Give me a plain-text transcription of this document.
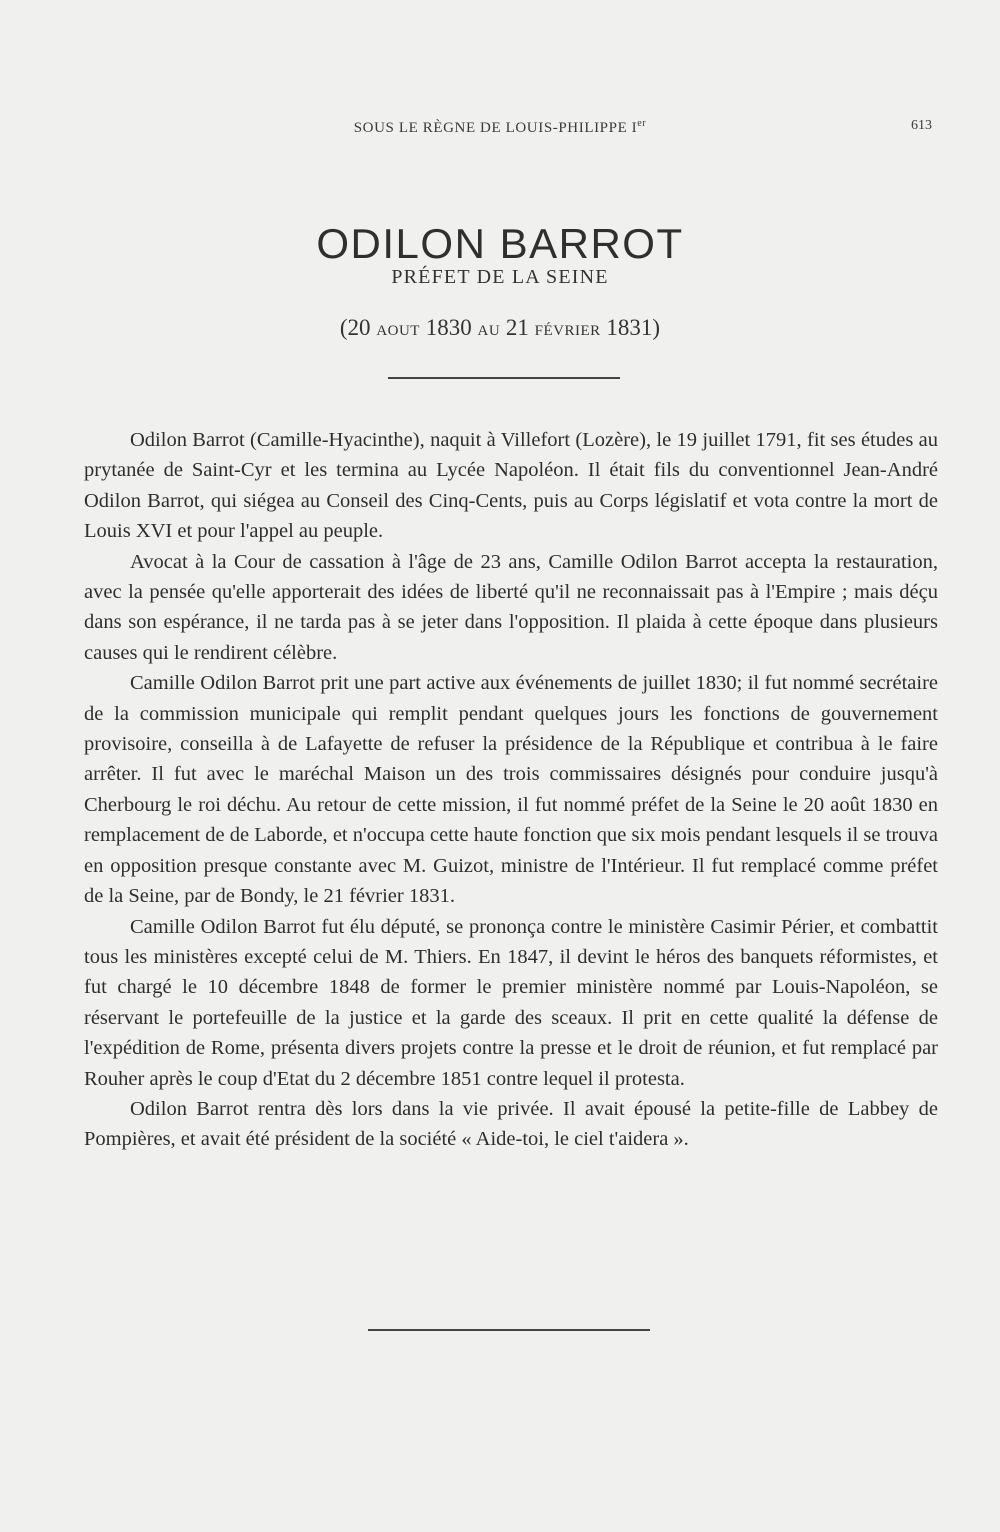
SOUS LE RÈGNE DE LOUIS-PHILIPPE Ier	613
ODILON BARROT
PRÉFET DE LA SEINE
(20 AOUT 1830 AU 21 FÉVRIER 1831)

Odilon Barrot (Camille-Hyacinthe), naquit à Villefort (Lozère), le 19 juillet 1791, fit ses études au prytanée de Saint-Cyr et les termina au Lycée Napoléon. Il était fils du conventionnel Jean-André Odilon Barrot, qui siégea au Conseil des Cinq-Cents, puis au Corps législatif et vota contre la mort de Louis XVI et pour l'appel au peuple.

Avocat à la Cour de cassation à l'âge de 23 ans, Camille Odilon Barrot accepta la restauration, avec la pensée qu'elle apporterait des idées de liberté qu'il ne reconnaissait pas à l'Empire ; mais déçu dans son espérance, il ne tarda pas à se jeter dans l'opposition. Il plaida à cette époque dans plusieurs causes qui le rendirent célèbre.

Camille Odilon Barrot prit une part active aux événements de juillet 1830; il fut nommé secrétaire de la commission municipale qui remplit pendant quelques jours les fonctions de gouvernement provisoire, conseilla à de Lafayette de refuser la présidence de la République et contribua à le faire arrêter. Il fut avec le maréchal Maison un des trois commissaires désignés pour conduire jusqu'à Cherbourg le roi déchu. Au retour de cette mission, il fut nommé préfet de la Seine le 20 août 1830 en remplacement de de Laborde, et n'occupa cette haute fonction que six mois pendant lesquels il se trouva en opposition presque constante avec M. Guizot, ministre de l'Intérieur. Il fut remplacé comme préfet de la Seine, par de Bondy, le 21 février 1831.

Camille Odilon Barrot fut élu député, se prononça contre le ministère Casimir Périer, et combattit tous les ministères excepté celui de M. Thiers. En 1847, il devint le héros des banquets réformistes, et fut chargé le 10 décembre 1848 de former le premier ministère nommé par Louis-Napoléon, se réservant le portefeuille de la justice et la garde des sceaux. Il prit en cette qualité la défense de l'expédition de Rome, présenta divers projets contre la presse et le droit de réunion, et fut remplacé par Rouher après le coup d'Etat du 2 décembre 1851 contre lequel il protesta.

Odilon Barrot rentra dès lors dans la vie privée. Il avait épousé la petite-fille de Labbey de Pompières, et avait été président de la société « Aide-toi, le ciel t'aidera ».
